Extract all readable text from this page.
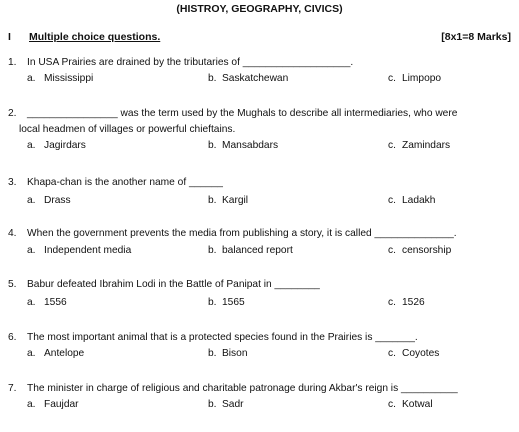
(HISTROY, GEOGRAPHY, CIVICS)
I Multiple choice questions.	[8x1=8 Marks]
1. In USA Prairies are drained by the tributaries of ___________________.
a. Mississippi	b. Saskatchewan	c. Limpopo
2. ________________ was the term used by the Mughals to describe all intermediaries, who were
local headmen of villages or powerful chieftains.
a. Jagirdars	b. Mansabdars	c. Zamindars
3. Khapa-chan is the another name of ______
a. Drass	b. Kargil	c. Ladakh
4. When the government prevents the media from publishing a story, it is called ______________.
a. Independent media	b. balanced report	c. censorship
5. Babur defeated Ibrahim Lodi in the Battle of Panipat in ________
a. 1556	b. 1565	c. 1526
6. The most important animal that is a protected species found in the Prairies is _______.
a. Antelope	b. Bison	c. Coyotes
7. The minister in charge of religious and charitable patronage during Akbar's reign is __________
a. Faujdar	b. Sadr	c. Kotwal
